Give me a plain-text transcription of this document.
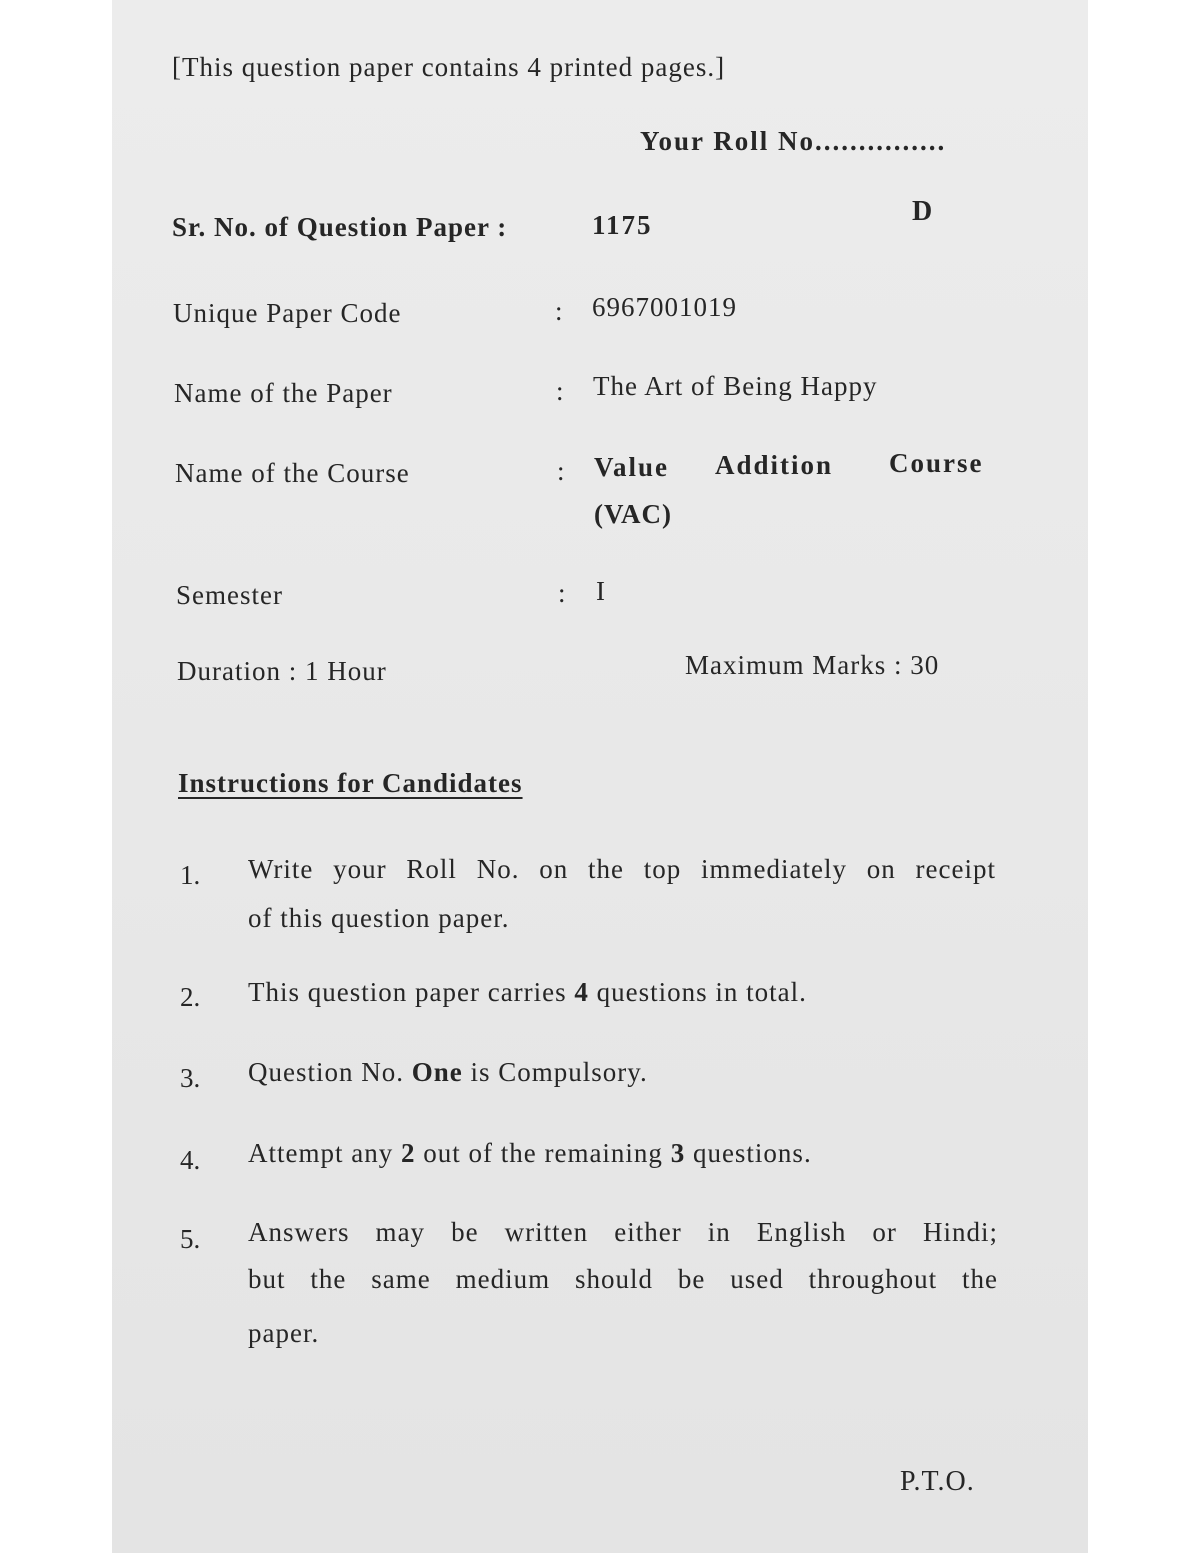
[This question paper contains 4 printed pages.]
Your Roll No...............
D
Sr. No. of Question Paper :	1175
Unique Paper Code	: 6967001019
Name of the Paper	: The Art of Being Happy
Name of the Course	: Value Addition Course
(VAC)
Semester	: I
Duration : 1 Hour	Maximum Marks : 30
Instructions for Candidates
1. Write your Roll No. on the top immediately on receipt
of this question paper.
2. This question paper carries 4 questions in total.
3. Question No. One is Compulsory.
4. Attempt any 2 out of the remaining 3 questions.
5. Answers may be written either in English or Hindi;
but the same medium should be used throughout the
paper.
P.T.O.
